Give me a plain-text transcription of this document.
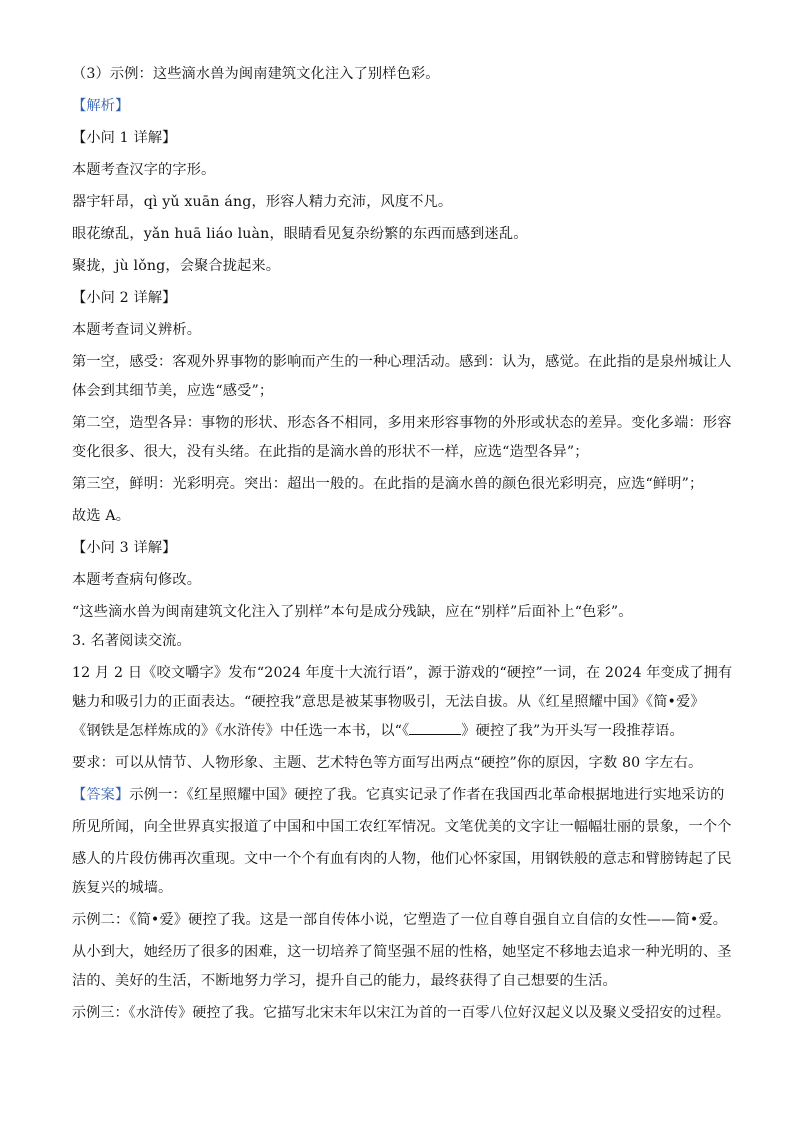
（3）示例：这些滴水兽为闽南建筑文化注入了别样色彩。
【解析】
【小问 1 详解】
本题考查汉字的字形。
器宇轩昂，qì yǔ xuān áng，形容人精力充沛，风度不凡。
眼花缭乱，yǎn huā liáo luàn，眼睛看见复杂纷繁的东西而感到迷乱。
聚拢，jù lǒng，会聚合拢起来。
【小问 2 详解】
本题考查词义辨析。
第一空，感受：客观外界事物的影响而产生的一种心理活动。感到：认为，感觉。在此指的是泉州城让人
体会到其细节美，应选“感受”；
第二空，造型各异：事物的形状、形态各不相同，多用来形容事物的外形或状态的差异。变化多端：形容
变化很多、很大，没有头绪。在此指的是滴水兽的形状不一样，应选“造型各异”；
第三空，鲜明：光彩明亮。突出：超出一般的。在此指的是滴水兽的颜色很光彩明亮，应选“鲜明”；
故选 A。
【小问 3 详解】
本题考查病句修改。
“这些滴水兽为闽南建筑文化注入了别样”本句是成分残缺，应在“别样”后面补上“色彩”。
3. 名著阅读交流。
12 月 2 日《咬文嚼字》发布“2024 年度十大流行语”，源于游戏的“硬控”一词，在 2024 年变成了拥有
魅力和吸引力的正面表达。“硬控我”意思是被某事物吸引，无法自拔。从《红星照耀中国》《简•爱》
《钢铁是怎样炼成的》《水浒传》中任选一本书，以“《	》硬控了我”为开头写一段推荐语。
要求：可以从情节、人物形象、主题、艺术特色等方面写出两点“硬控”你的原因，字数 80 字左右。
【答案】示例一：《红星照耀中国》硬控了我。它真实记录了作者在我国西北革命根据地进行实地采访的
所见所闻，向全世界真实报道了中国和中国工农红军情况。文笔优美的文字让一幅幅壮丽的景象，一个个
感人的片段仿佛再次重现。文中一个个有血有肉的人物，他们心怀家国，用钢铁般的意志和臂膀铸起了民
族复兴的城墙。
示例二：《简•爱》硬控了我。这是一部自传体小说，它塑造了一位自尊自强自立自信的女性——简•爱。
从小到大，她经历了很多的困难，这一切培养了简坚强不屈的性格，她坚定不移地去追求一种光明的、圣
洁的、美好的生活，不断地努力学习，提升自己的能力，最终获得了自己想要的生活。
示例三：《水浒传》硬控了我。它描写北宋末年以宋江为首的一百零八位好汉起义以及聚义受招安的过程。
